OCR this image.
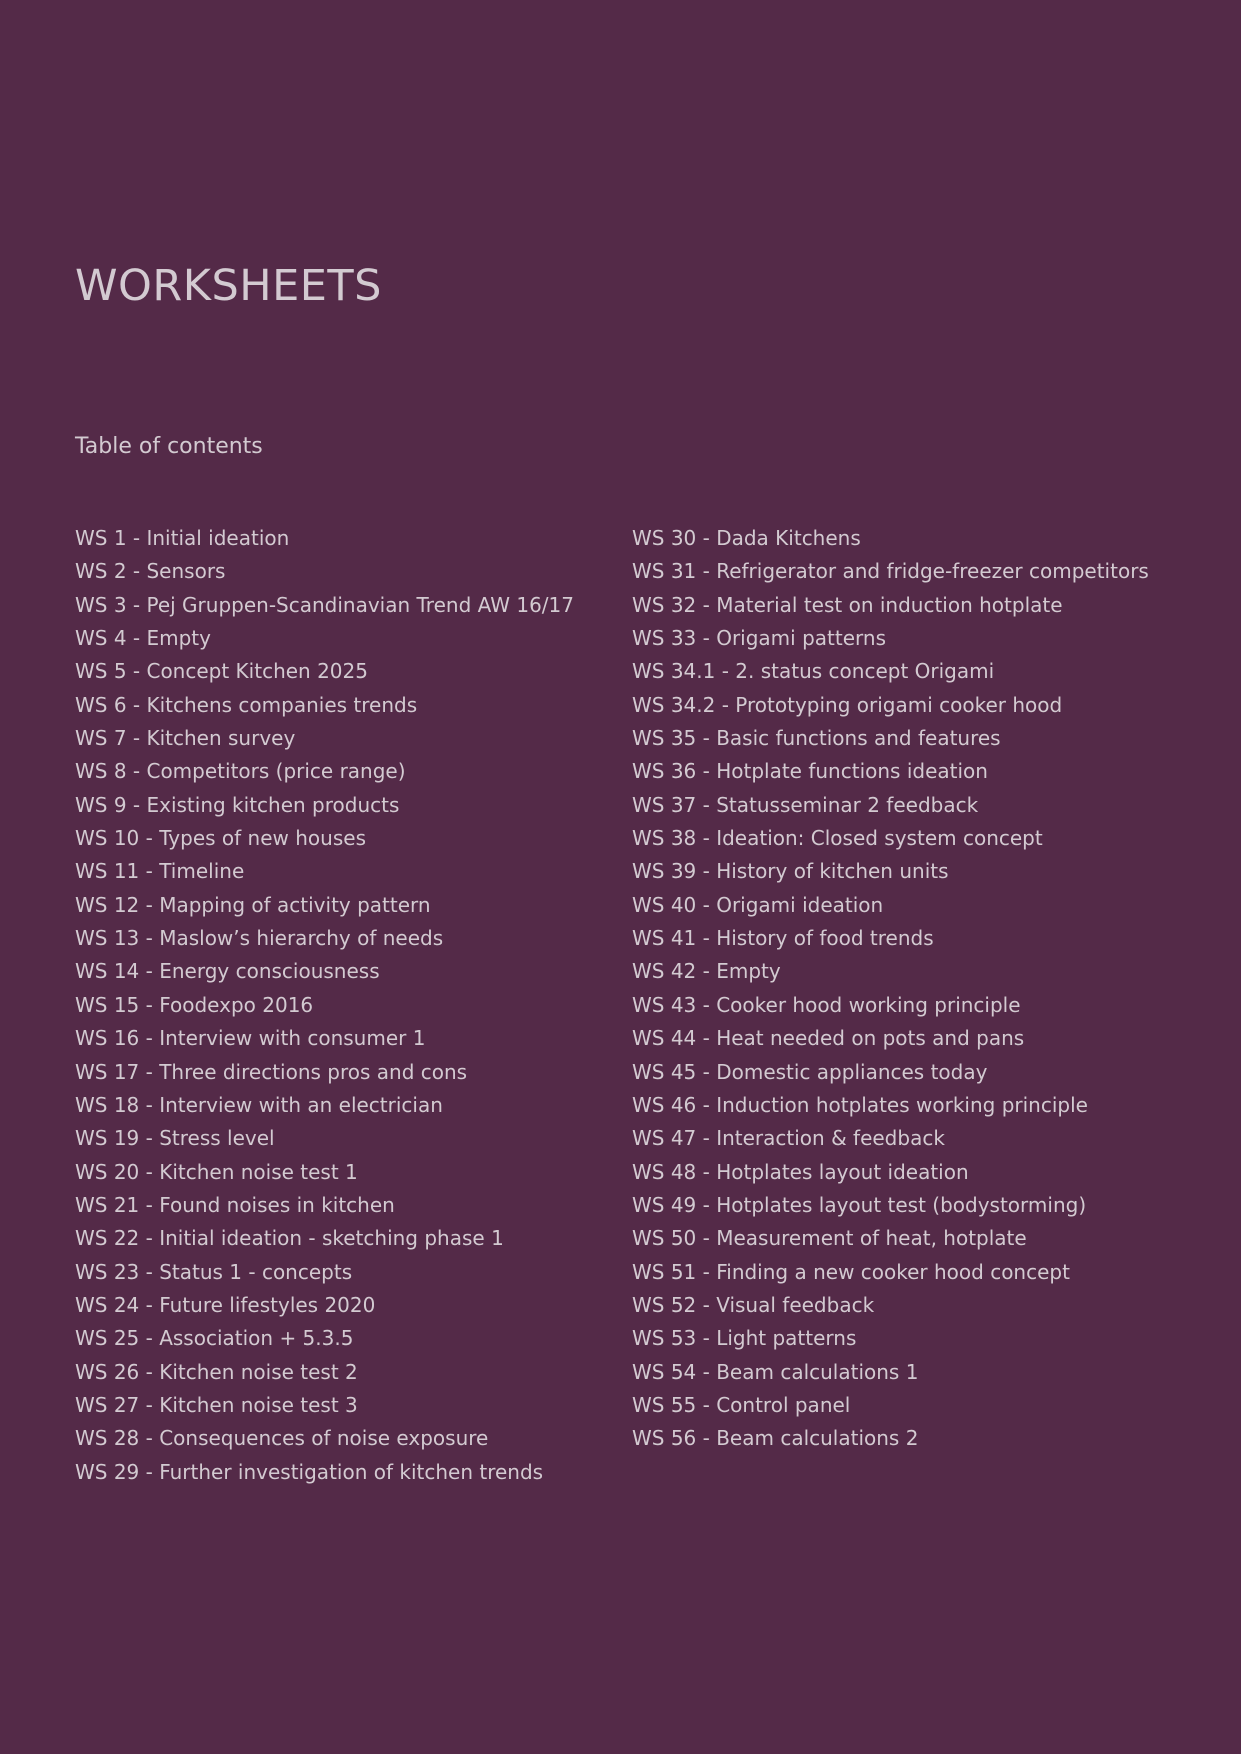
WORKSHEETS
Table of contents
WS 1 - Initial ideation
WS 2 - Sensors
WS 3 - Pej Gruppen-Scandinavian Trend AW 16/17
WS 4 - Empty
WS 5 - Concept Kitchen 2025
WS 6 - Kitchens companies trends
WS 7 - Kitchen survey
WS 8 - Competitors (price range)
WS 9 - Existing kitchen products
WS 10 - Types of new houses
WS 11 - Timeline
WS 12 - Mapping of activity pattern
WS 13 - Maslow’s hierarchy of needs
WS 14 - Energy consciousness
WS 15 - Foodexpo 2016
WS 16 - Interview with consumer 1
WS 17 - Three directions pros and cons
WS 18 - Interview with an electrician
WS 19 - Stress level
WS 20 - Kitchen noise test 1
WS 21 - Found noises in kitchen
WS 22 - Initial ideation - sketching phase 1
WS 23 - Status 1 - concepts
WS 24 - Future lifestyles 2020
WS 25 - Association + 5.3.5
WS 26 - Kitchen noise test 2
WS 27 - Kitchen noise test 3
WS 28 - Consequences of noise exposure
WS 29 - Further investigation of kitchen trends
WS 30 - Dada Kitchens
WS 31 - Refrigerator and fridge-freezer competitors
WS 32 - Material test on induction hotplate
WS 33 - Origami patterns
WS 34.1 - 2. status concept Origami
WS 34.2 - Prototyping origami cooker hood
WS 35 - Basic functions and features
WS 36 - Hotplate functions ideation
WS 37 - Statusseminar 2 feedback
WS 38 - Ideation: Closed system concept
WS 39 - History of kitchen units
WS 40 - Origami ideation
WS 41 - History of food trends
WS 42 - Empty
WS 43 - Cooker hood working principle
WS 44 - Heat needed on pots and pans
WS 45 - Domestic appliances today
WS 46 - Induction hotplates working principle
WS 47 - Interaction & feedback
WS 48 - Hotplates layout ideation
WS 49 - Hotplates layout test (bodystorming)
WS 50 - Measurement of heat, hotplate
WS 51 - Finding a new cooker hood concept
WS 52 - Visual feedback
WS 53 - Light patterns
WS 54 - Beam calculations 1
WS 55 - Control panel
WS 56 - Beam calculations 2
